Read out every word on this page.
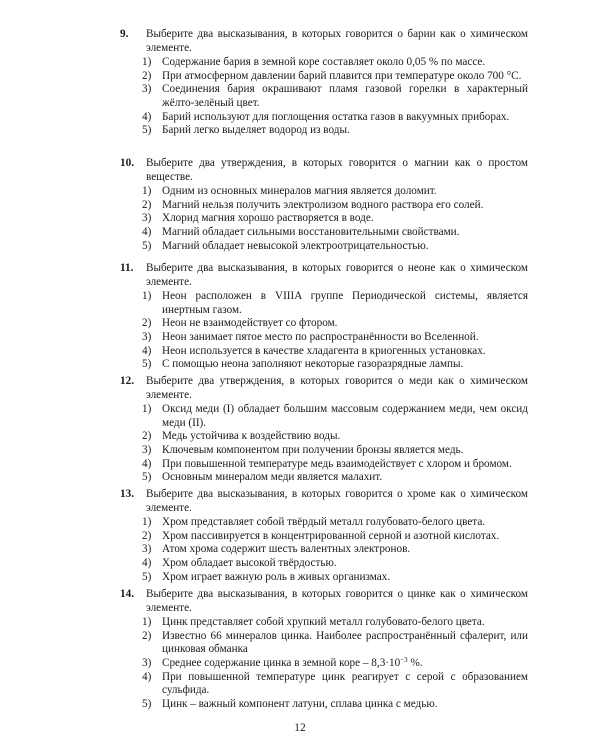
9.	Выберите два высказывания, в которых говорится о барии как о химическом элементе.
1) Содержание бария в земной коре составляет около 0,05 % по массе.
2) При атмосферном давлении барий плавится при температуре около 700 °C.
3) Соединения бария окрашивают пламя газовой горелки в характерный жёлто-зелёный цвет.
4) Барий используют для поглощения остатка газов в вакуумных приборах.
5) Барий легко выделяет водород из воды.
10.	Выберите два утверждения, в которых говорится о магнии как о простом веществе.
1) Одним из основных минералов магния является доломит.
2) Магний нельзя получить электролизом водного раствора его солей.
3) Хлорид магния хорошо растворяется в воде.
4) Магний обладает сильными восстановительными свойствами.
5) Магний обладает невысокой электроотрицательностью.
11.	Выберите два высказывания, в которых говорится о неоне как о химическом элементе.
1) Неон расположен в VIIIA группе Периодической системы, является инертным газом.
2) Неон не взаимодействует со фтором.
3) Неон занимает пятое место по распространённости во Вселенной.
4) Неон используется в качестве хладагента в криогенных установках.
5) С помощью неона заполняют некоторые газоразрядные лампы.
12.	Выберите два утверждения, в которых говорится о меди как о химическом элементе.
1) Оксид меди (I) обладает большим массовым содержанием меди, чем оксид меди (II).
2) Медь устойчива к воздействию воды.
3) Ключевым компонентом при получении бронзы является медь.
4) При повышенной температуре медь взаимодействует с хлором и бромом.
5) Основным минералом меди является малахит.
13.	Выберите два высказывания, в которых говорится о хроме как о химическом элементе.
1) Хром представляет собой твёрдый металл голубовато-белого цвета.
2) Хром пассивируется в концентрированной серной и азотной кислотах.
3) Атом хрома содержит шесть валентных электронов.
4) Хром обладает высокой твёрдостью.
5) Хром играет важную роль в живых организмах.
14.	Выберите два высказывания, в которых говорится о цинке как о химическом элементе.
1) Цинк представляет собой хрупкий металл голубовато-белого цвета.
2) Известно 66 минералов цинка. Наиболее распространённый сфалерит, или цинковая обманка
3) Среднее содержание цинка в земной коре – $8,3\cdot 10^{-3}$ %.
4) При повышенной температуре цинк реагирует с серой с образованием сульфида.
5) Цинк – важный компонент латуни, сплава цинка с медью.
12
